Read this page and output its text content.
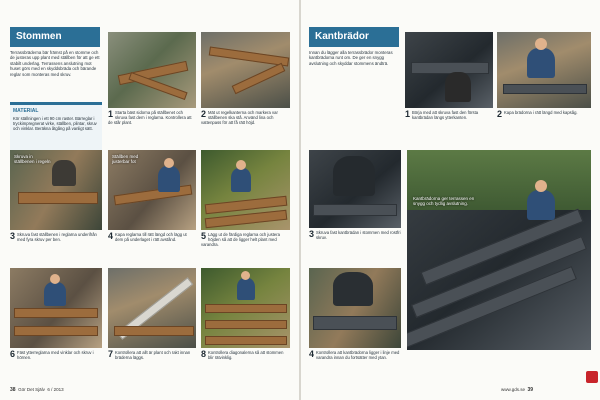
Stommen
Terrassbräderna bär främst på en stomme och de justeras upp plant med ställben för att ge ett stabilt underlag. Terrassens anslutning mot huset görs med en skyddsbräda och bärande reglar som monteras med skruv.
MATERIAL
Kör ställningen i ett 90 cm raster. Bärreglar i tryckimpregnerat virke, ställben, plintar, skruv och vinklar. Beräkna åtgång på vanligt sätt.
1 Starta bäst sidorna på ställbenet och skruva fast dem i reglarna. Kontrollera att de står plant.
2 Mät ut regelkanterna och markera var ställbenen ska stå. Använd lina och vattenpass för att få rätt höjd.
Skruva in ställbenen i regeln
3 Skruva fast ställbenen i reglarna underifrån med fyra skruv per ben.
Ställben med justerbar fot
4 Kapa reglarna till rätt längd och lägg ut dem på underlaget i rätt avstånd.	5 Lägg ut de färdiga reglarna och justera höjden så att de ligger helt plant med varandra.
6 Fäst ytterreglarna med vinklar och skruv i hörnen.	7 Kontrollera att allt är plant och rakt innan bräderna läggs.	8 Kontrollera diagonalerna så att stommen blir rätvinklig.
38 Gör Det Själv 6 / 2013
Kantbrädor
Innan du lägger alla terrassbrädor monteras kantbrädorna runt om. De ger en snygg avslutning och skyddar stommens ändträ.
1 Börja med att skruva fast den första kantbrädan längs ytterkanten.	2 Kapa brädorna i rätt längd med kapsåg.
3 Skruva fast kantbrädan i stommen med rostfri skruv.
Kantbrädorna ger terrassen en snygg och tydlig avslutning.
4 Kontrollera att kantbrädorna ligger i linje med varandra innan du fortsätter med ytan.
www.gds.se 39
